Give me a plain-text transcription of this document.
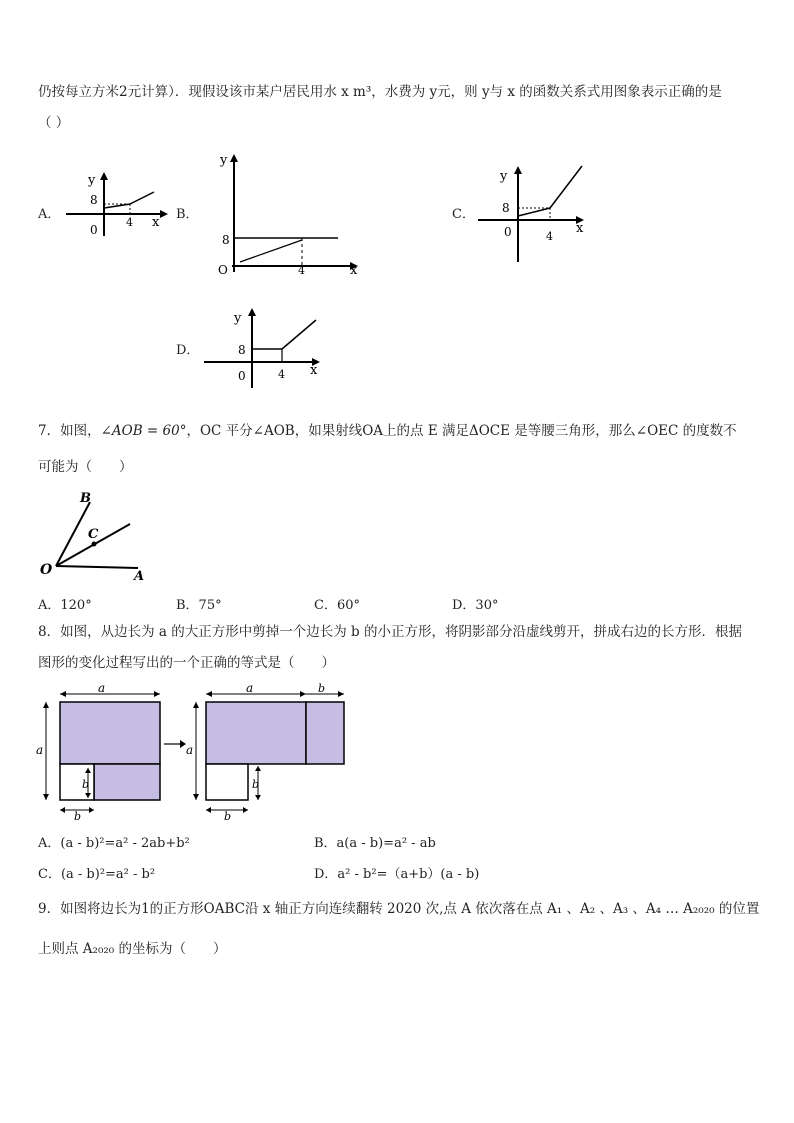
仍按每立方米2元计算）．现假设该市某户居民用水 x m³，水费为 y元，则 y与 x 的函数关系式用图象表示正确的是
（ ）
A．
y
8
0
4 x
B．
y
8
O	4	x
C．
y
8
0	4
x
D．
y
8
0	4 x
7．如图，∠AOB = 60°，OC 平分∠AOB，如果射线OA上的点 E 满足ΔOCE 是等腰三角形，那么∠OEC 的度数不
可能为（　　）
B
C
O	A
A．120°	B．75°	C．60°	D．30°
8．如图，从边长为 a 的大正方形中剪掉一个边长为 b 的小正方形，将阴影部分沿虚线剪开，拼成右边的长方形．根据
图形的变化过程写出的一个正确的等式是（　　）
a
a
b
b
a	b
a
b
b
A．(a - b)²=a² - 2ab+b²	B．a(a - b)=a² - ab
C．(a - b)²=a² - b²	D．a² - b²=（a+b）(a - b)
9．如图将边长为1的正方形OABC沿 x 轴正方向连续翻转 2020 次,点 A 依次落在点 A₁ 、A₂ 、A₃ 、A₄ … A₂₀₂₀ 的位置
上则点 A₂₀₂₀ 的坐标为（　　）
